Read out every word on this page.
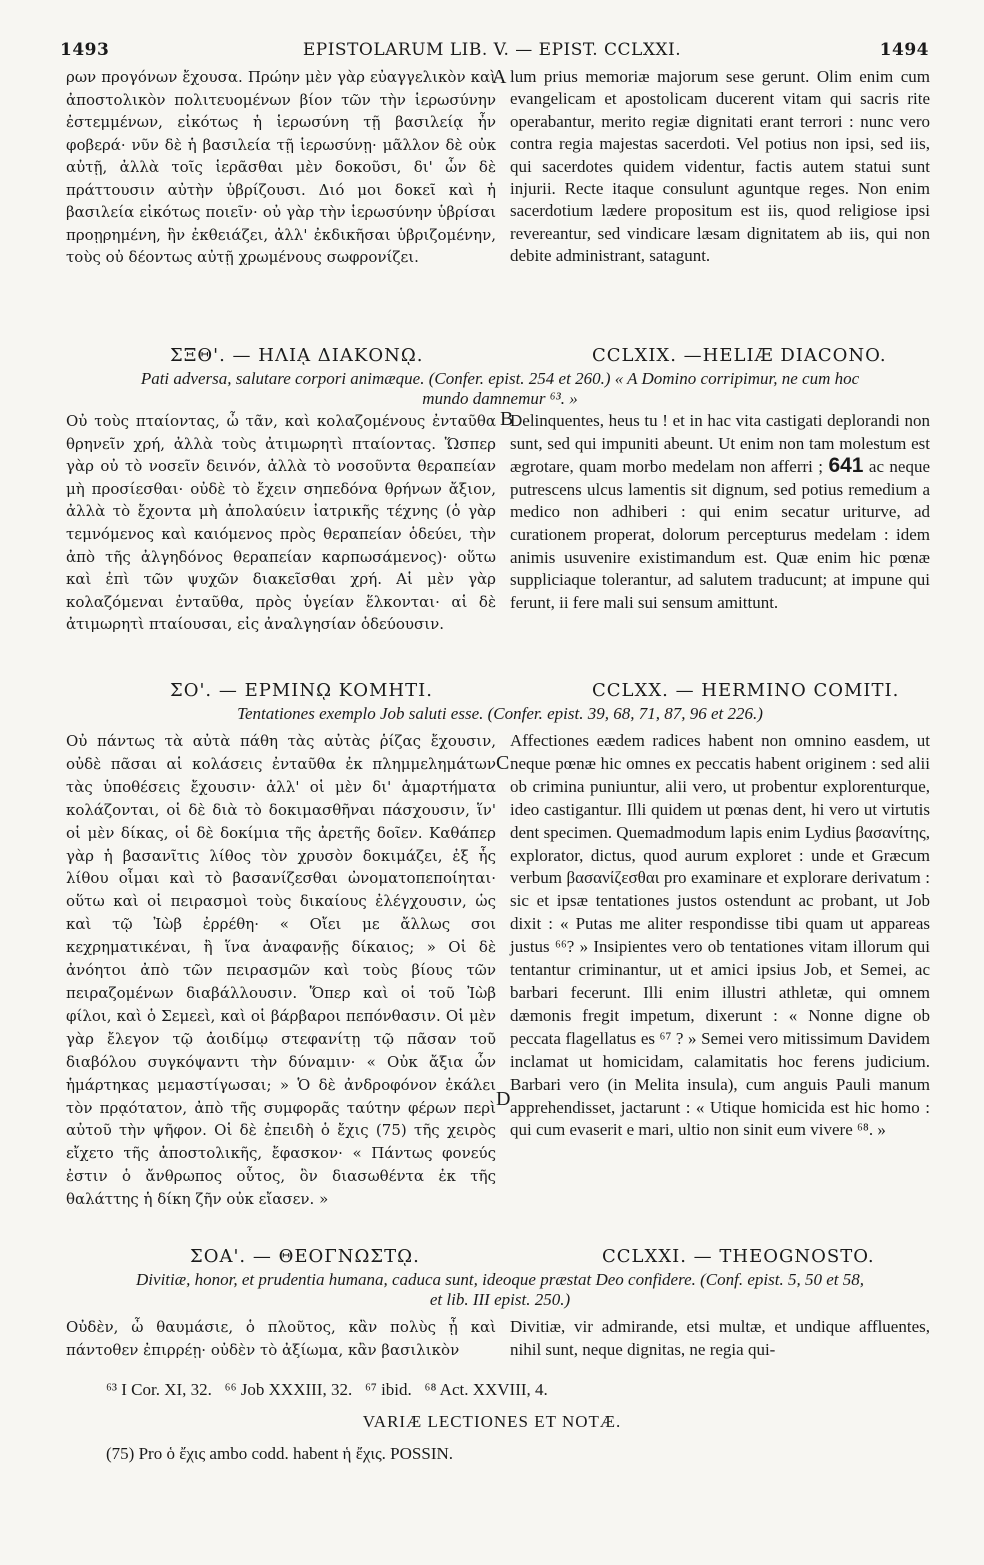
1493	EPISTOLARUM LIB. V. — EPIST. CCLXXI.	1494

ρων προγόνων ἔχουσα. Πρώην μὲν γὰρ εὐαγγελικὸν καὶ ἀποστολικὸν πολιτευομένων βίον τῶν τὴν ἱερωσύνην ἐστεμμένων, εἰκότως ἡ ἱερωσύνη τῇ βασιλείᾳ ἦν φοβερά· νῦν δὲ ἡ βασιλεία τῇ ἱερωσύνῃ· μᾶλλον δὲ οὐκ αὐτῇ, ἀλλὰ τοῖς ἱερᾶσθαι μὲν δοκοῦσι, δι' ὧν δὲ πράττουσιν αὐτὴν ὑβρίζουσι. Διό μοι δοκεῖ καὶ ἡ βασιλεία εἰκότως ποιεῖν· οὐ γὰρ τὴν ἱερωσύνην ὑβρίσαι προῃρημένη, ἣν ἐκθειάζει, ἀλλ' ἐκδικῆσαι ὑβριζομένην, τοὺς οὐ δέοντως αὐτῇ χρωμένους σωφρονίζει.

A lum prius memoriæ majorum sese gerunt. Olim enim cum evangelicam et apostolicam ducerent vitam qui sacris rite operabantur, merito regiæ dignitati erant terrori : nunc vero contra regia majestas sacerdoti. Vel potius non ipsi, sed iis, qui sacerdotes quidem videntur, factis autem statui sunt injurii. Recte itaque consulunt aguntque reges. Non enim sacerdotium lædere propositum est iis, quod religiose ipsi revereantur, sed vindicare læsam dignitatem ab iis, qui non debite administrant, satagunt.

ΣΞΘ'. — ΗΛΙᾼ ΔΙΑΚΟΝῼ.	CCLXIX. —HELIÆ DIACONO.
Pati adversa, salutare corpori animæque. (Confer. epist. 254 et 260.) « A Domino corripimur, ne cum hoc
mundo damnemur ⁶³. »

Οὐ τοὺς πταίοντας, ὦ τᾶν, καὶ κολαζομένους ἐνταῦθα θρηνεῖν χρή, ἀλλὰ τοὺς ἀτιμωρητὶ πταίοντας. Ὥσπερ γὰρ οὐ τὸ νοσεῖν δεινόν, ἀλλὰ τὸ νοσοῦντα θεραπείαν μὴ προσίεσθαι· οὐδὲ τὸ ἔχειν σηπεδόνα θρήνων ἄξιον, ἀλλὰ τὸ ἔχοντα μὴ ἀπολαύειν ἰατρικῆς τέχνης (ὁ γὰρ τεμνόμενος καὶ καιόμενος πρὸς θεραπείαν ὁδεύει, τὴν ἀπὸ τῆς ἀλγηδόνος θεραπείαν καρπωσάμενος)· οὕτω καὶ ἐπὶ τῶν ψυχῶν διακεῖσθαι χρή. Αἱ μὲν γὰρ κολαζόμεναι ἐνταῦθα, πρὸς ὑγείαν ἕλκονται· αἱ δὲ ἀτιμωρητὶ πταίουσαι, εἰς ἀναλγησίαν ὁδεύουσιν.

B

Delinquentes, heus tu ! et in hac vita castigati deplorandi non sunt, sed qui impuniti abeunt. Ut enim non tam molestum est ægrotare, quam morbo medelam non afferri ; 641 ac neque putrescens ulcus lamentis sit dignum, sed potius remedium a medico non adhiberi : qui enim secatur uriturve, ad curationem properat, dolorum percepturus medelam : idem animis usuvenire existimandum est. Quæ enim hic pœnæ suppliciaque tolerantur, ad salutem traducunt; at impune qui ferunt, ii fere mali sui sensum amittunt.

ΣΟ'. — ΕΡΜΙΝῼ ΚΟΜΗΤΙ.	CCLXX. — HERMINO COMITI.
Tentationes exemplo Job saluti esse. (Confer. epist. 39, 68, 71, 87, 96 et 226.)

Οὐ πάντως τὰ αὐτὰ πάθη τὰς αὐτὰς ῥίζας ἔχουσιν, οὐδὲ πᾶσαι αἱ κολάσεις ἐνταῦθα ἐκ πλημμελημάτων τὰς ὑποθέσεις ἔχουσιν· ἀλλ' οἱ μὲν δι' ἁμαρτήματα κολάζονται, οἱ δὲ διὰ τὸ δοκιμασθῆναι πάσχουσιν, ἵν' οἱ μὲν δίκας, οἱ δὲ δοκίμια τῆς ἀρετῆς δοῖεν. Καθάπερ γὰρ ἡ βασανῖτις λίθος τὸν χρυσὸν δοκιμάζει, ἐξ ἧς λίθου οἶμαι καὶ τὸ βασανίζεσθαι ὠνοματοπεποίηται· οὕτω καὶ οἱ πειρασμοὶ τοὺς δικαίους ἐλέγχουσιν, ὡς καὶ τῷ Ἰὼβ ἐρρέθη· « Οἴει με ἄλλως σοι κεχρηματικέναι, ἢ ἵνα ἀναφανῇς δίκαιος; » Οἱ δὲ ἀνόητοι ἀπὸ τῶν πειρασμῶν καὶ τοὺς βίους τῶν πειραζομένων διαβάλλουσιν. Ὅπερ καὶ οἱ τοῦ Ἰὼβ φίλοι, καὶ ὁ Σεμεεὶ, καὶ οἱ βάρβαροι πεπόνθασιν. Οἱ μὲν γὰρ ἔλεγον τῷ ἀοιδίμῳ στεφανίτῃ τῷ πᾶσαν τοῦ διαβόλου συγκόψαντι τὴν δύναμιν· « Οὐκ ἄξια ὧν ἡμάρτηκας μεμαστίγωσαι; » Ὁ δὲ ἀνδροφόνον ἐκάλει τὸν πρᾳότατον, ἀπὸ τῆς συμφορᾶς ταύτην φέρων περὶ αὐτοῦ τὴν ψῆφον. Οἱ δὲ ἐπειδὴ ὁ ἔχις (75) τῆς χειρὸς εἴχετο τῆς ἀποστολικῆς, ἔφασκον· « Πάντως φονεύς ἐστιν ὁ ἄνθρωπος οὗτος, ὃν διασωθέντα ἐκ τῆς θαλάττης ἡ δίκη ζῆν οὐκ εἴασεν. »

C
D

Affectiones eædem radices habent non omnino easdem, ut neque pœnæ hic omnes ex peccatis habent originem : sed alii ob crimina puniuntur, alii vero, ut probentur explorenturque, ideo castigantur. Illi quidem ut pœnas dent, hi vero ut virtutis dent specimen. Quemadmodum lapis enim Lydius βασανίτης, explorator, dictus, quod aurum exploret : unde et Græcum verbum βασανίζεσθαι pro examinare et explorare derivatum : sic et ipsæ tentationes justos ostendunt ac probant, ut Job dixit : « Putas me aliter respondisse tibi quam ut appareas justus ⁶⁶? » Insipientes vero ob tentationes vitam illorum qui tentantur criminantur, ut et amici ipsius Job, et Semei, ac barbari fecerunt. Illi enim illustri athletæ, qui omnem dæmonis fregit impetum, dixerunt : « Nonne digne ob peccata flagellatus es ⁶⁷ ? » Semei vero mitissimum Davidem inclamat ut homicidam, calamitatis hoc ferens judicium. Barbari vero (in Melita insula), cum anguis Pauli manum apprehendisset, jactarunt : « Utique homicida est hic homo : qui cum evaserit e mari, ultio non sinit eum vivere ⁶⁸. »

ΣΟΑ'. — ΘΕΟΓΝΩΣΤῼ.	CCLXXI. — THEOGNOSTO.
Divitiæ, honor, et prudentia humana, caduca sunt, ideoque præstat Deo confidere. (Conf. epist. 5, 50 et 58,
et lib. III epist. 250.)

Οὐδὲν, ὦ θαυμάσιε, ὁ πλοῦτος, κἂν πολὺς ᾖ καὶ πάντοθεν ἐπιρρέῃ· οὐδὲν τὸ ἀξίωμα, κἂν βασιλικὸν

Divitiæ, vir admirande, etsi multæ, et undique affluentes, nihil sunt, neque dignitas, ne regia qui-

⁶³ I Cor. XI, 32.   ⁶⁶ Job XXXIII, 32.   ⁶⁷ ibid.   ⁶⁸ Act. XXVIII, 4.
VARIÆ LECTIONES ET NOTÆ.
(75) Pro ὁ ἔχις ambo codd. habent ἡ ἔχις. POSSIN.
